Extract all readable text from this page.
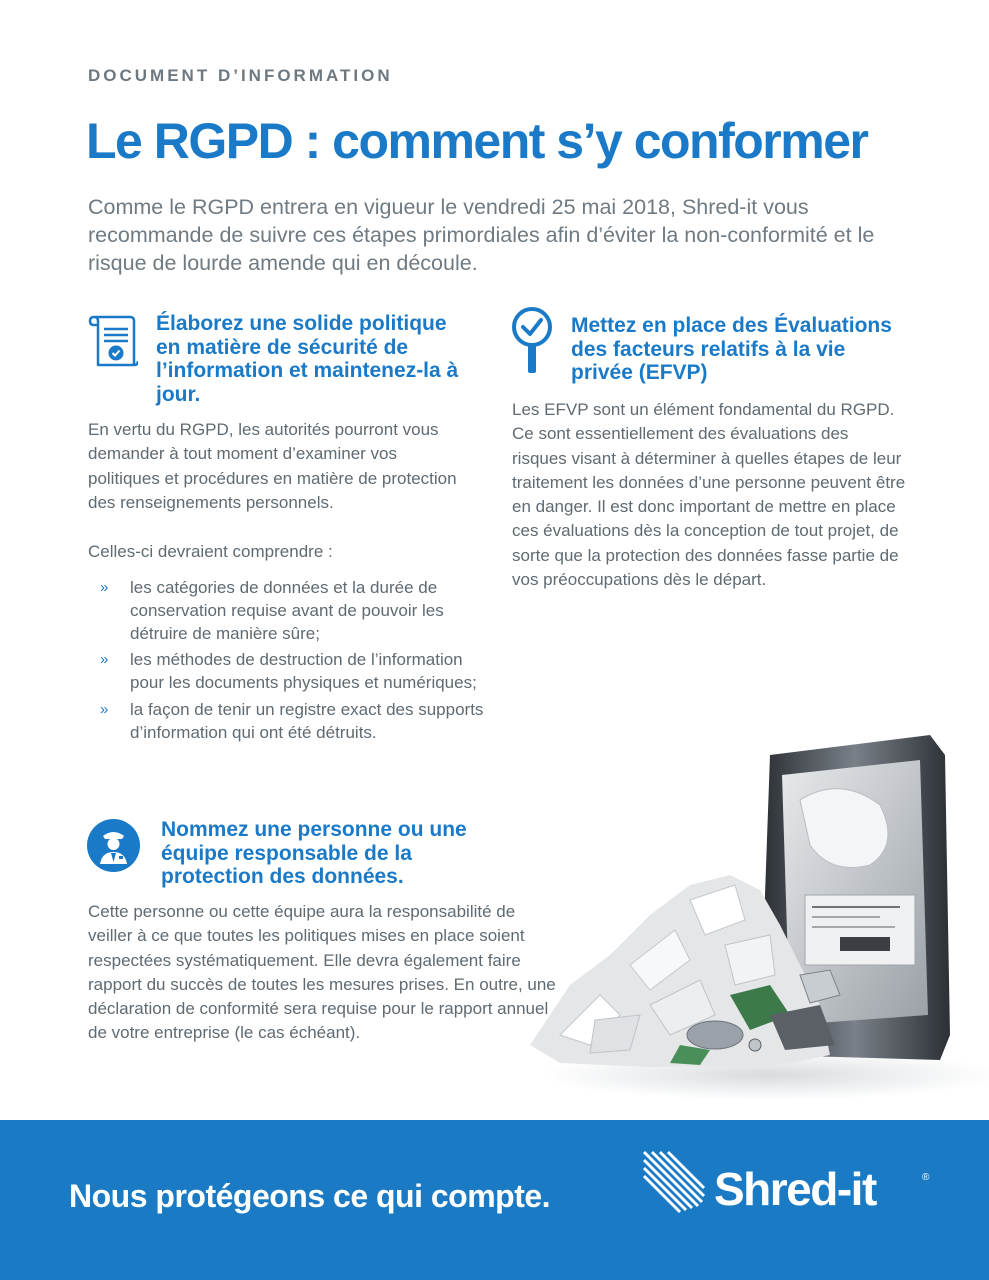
DOCUMENT D’INFORMATION
Le RGPD : comment s’y conformer

Comme le RGPD entrera en vigueur le vendredi 25 mai 2018, Shred-it vous recommande de suivre ces étapes primordiales afin d’éviter la non-conformité et le risque de lourde amende qui en découle.

Élaborez une solide politique en matière de sécurité de l’information et maintenez-la à jour.

En vertu du RGPD, les autorités pourront vous demander à tout moment d’examiner vos politiques et procédures en matière de protection des renseignements personnels.

Celles-ci devraient comprendre :

» les catégories de données et la durée de conservation requise avant de pouvoir les détruire de manière sûre;
» les méthodes de destruction de l’information pour les documents physiques et numériques;
» la façon de tenir un registre exact des supports d’information qui ont été détruits.
Mettez en place des Évaluations des facteurs relatifs à la vie privée (EFVP)

Les EFVP sont un élément fondamental du RGPD. Ce sont essentiellement des évaluations des risques visant à déterminer à quelles étapes de leur traitement les données d’une personne peuvent être en danger. Il est donc important de mettre en place ces évaluations dès la conception de tout projet, de sorte que la protection des données fasse partie de vos préoccupations dès le départ.

Nommez une personne ou une équipe responsable de la protection des données.

Cette personne ou cette équipe aura la responsabilité de veiller à ce que toutes les politiques mises en place soient respectées systématiquement. Elle devra également faire rapport du succès de toutes les mesures prises. En outre, une déclaration de conformité sera requise pour le rapport annuel de votre entreprise (le cas échéant).

Nous protégeons ce qui compte.	Shred-it	®
